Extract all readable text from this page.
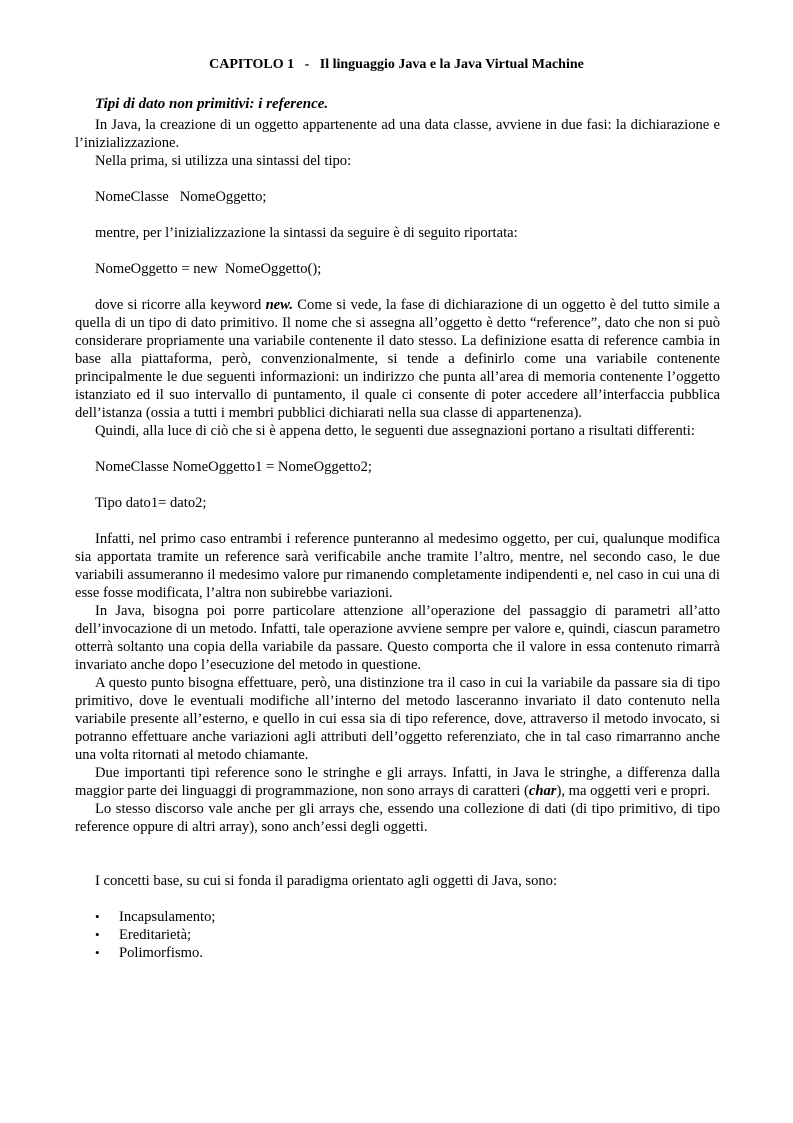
CAPITOLO 1 - Il linguaggio Java e la Java Virtual Machine
Tipi di dato non primitivi: i reference.

In Java, la creazione di un oggetto appartenente ad una data classe, avviene in due fasi: la dichiarazione e l’inizializzazione.

Nella prima, si utilizza una sintassi del tipo:

NomeClasse   NomeOggetto;

mentre, per l’inizializzazione la sintassi da seguire è di seguito riportata:

NomeOggetto = new  NomeOggetto();

dove si ricorre alla keyword new. Come si vede, la fase di dichiarazione di un oggetto è del tutto simile a quella di un tipo di dato primitivo. Il nome che si assegna all’oggetto è detto “reference”, dato che non si può considerare propriamente una variabile contenente il dato stesso. La definizione esatta di reference cambia in base alla piattaforma, però, convenzionalmente, si tende a definirlo come una variabile contenente principalmente le due seguenti informazioni: un indirizzo che punta all’area di memoria contenente l’oggetto istanziato ed il suo intervallo di puntamento, il quale ci consente di poter accedere all’interfaccia pubblica dell’istanza (ossia a tutti i membri pubblici dichiarati nella sua classe di appartenenza).

Quindi, alla luce di ciò che si è appena detto, le seguenti due assegnazioni portano a risultati differenti:

NomeClasse NomeOggetto1 = NomeOggetto2;

Tipo dato1= dato2;

Infatti, nel primo caso entrambi i reference punteranno al medesimo oggetto, per cui, qualunque modifica sia apportata tramite un reference sarà verificabile anche tramite l’altro, mentre, nel secondo caso, le due variabili assumeranno il medesimo valore pur rimanendo completamente indipendenti e, nel caso in cui una di esse fosse modificata, l’altra non subirebbe variazioni.

In Java, bisogna poi porre particolare attenzione all’operazione del passaggio di parametri all’atto dell’invocazione di un metodo. Infatti, tale operazione avviene sempre per valore e, quindi, ciascun parametro otterrà soltanto una copia della variabile da passare. Questo comporta che il valore in essa contenuto rimarrà invariato anche dopo l’esecuzione del metodo in questione.

A questo punto bisogna effettuare, però, una distinzione tra il caso in cui la variabile da passare sia di tipo primitivo, dove le eventuali modifiche all’interno del metodo lasceranno invariato il dato contenuto nella variabile presente all’esterno, e quello in cui essa sia di tipo reference, dove, attraverso il metodo invocato, si potranno effettuare anche variazioni agli attributi dell’oggetto referenziato, che in tal caso rimarranno anche una volta ritornati al metodo chiamante.

Due importanti tipi reference sono le stringhe e gli arrays. Infatti, in Java le stringhe, a differenza dalla maggior parte dei linguaggi di programmazione, non sono arrays di caratteri (char), ma oggetti veri e propri.

Lo stesso discorso vale anche per gli arrays che, essendo una collezione di dati (di tipo primitivo, di tipo reference oppure di altri array), sono anch’essi degli oggetti.

I concetti base, su cui si fonda il paradigma orientato agli oggetti di Java, sono:

• Incapsulamento;
• Ereditarietà;
• Polimorfismo.
